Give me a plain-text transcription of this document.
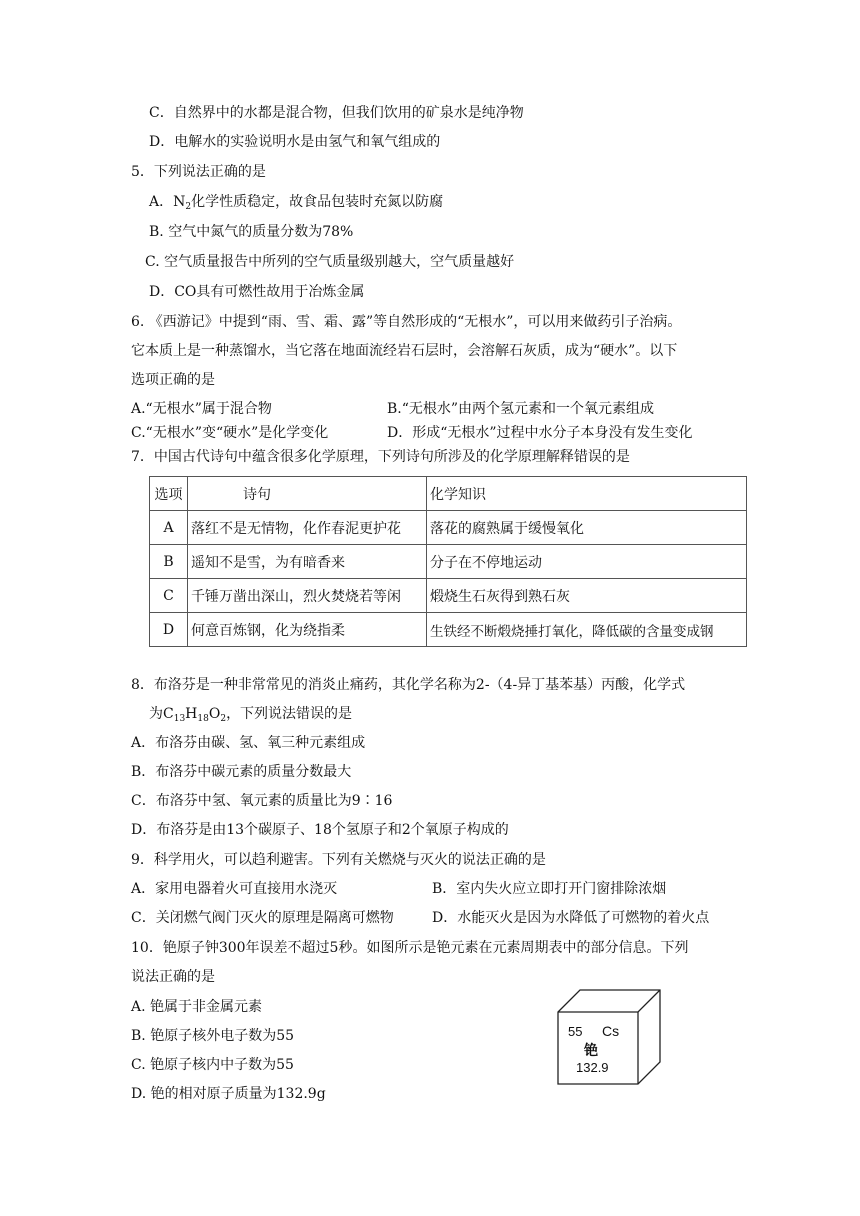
C．自然界中的水都是混合物，但我们饮用的矿泉水是纯净物
D．电解水的实验说明水是由氢气和氧气组成的
5．下列说法正确的是
A．$N_2$化学性质稳定，故食品包装时充氮以防腐
B. 空气中氮气的质量分数为78%
C. 空气质量报告中所列的空气质量级别越大，空气质量越好
D．CO具有可燃性故用于冶炼金属
6. 《西游记》中提到“雨、雪、霜、露”等自然形成的“无根水”，可以用来做药引子治病。
它本质上是一种蒸馏水，当它落在地面流经岩石层时，会溶解石灰质，成为“硬水”。以下
选项正确的是
A.“无根水”属于混合物	B.“无根水”由两个氢元素和一个氧元素组成
C.“无根水”变“硬水”是化学变化	D．形成“无根水”过程中水分子本身没有发生变化
7．中国古代诗句中蕴含很多化学原理，下列诗句所涉及的化学原理解释错误的是
选项	诗句	化学知识
A	落红不是无情物，化作春泥更护花	落花的腐熟属于缓慢氧化
B	遥知不是雪，为有暗香来	分子在不停地运动
C	千锤万凿出深山，烈火焚烧若等闲	煅烧生石灰得到熟石灰
D	何意百炼钢，化为绕指柔	生铁经不断煅烧捶打氧化，降低碳的含量变成钢
8．布洛芬是一种非常常见的消炎止痛药，其化学名称为2-（4-异丁基苯基）丙酸，化学式
为$C_{13}H_{18}O_2$，下列说法错误的是
A．布洛芬由碳、氢、氧三种元素组成
B．布洛芬中碳元素的质量分数最大
C．布洛芬中氢、氧元素的质量比为9∶16
D．布洛芬是由13个碳原子、18个氢原子和2个氧原子构成的
9．科学用火，可以趋利避害。下列有关燃烧与灭火的说法正确的是
A．家用电器着火可直接用水浇灭	B．室内失火应立即打开门窗排除浓烟
C．关闭燃气阀门灭火的原理是隔离可燃物	D．水能灭火是因为水降低了可燃物的着火点
10．铯原子钟300年误差不超过5秒。如图所示是铯元素在元素周期表中的部分信息。下列
说法正确的是
A. 铯属于非金属元素
B. 铯原子核外电子数为55
C. 铯原子核内中子数为55
D. 铯的相对原子质量为132.9g
55 Cs
铯
132.9
